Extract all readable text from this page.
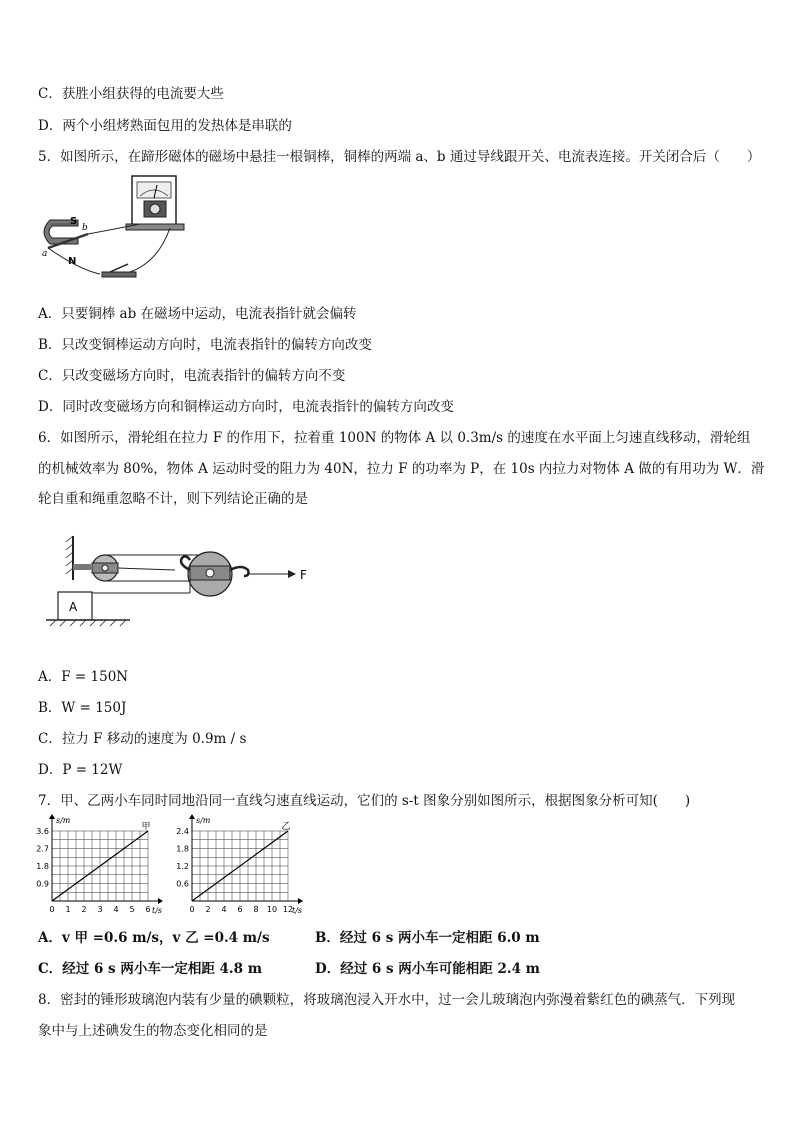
C．获胜小组获得的电流要大些
D．两个小组烤熟面包用的发热体是串联的
5．如图所示，在蹄形磁体的磁场中悬挂一根铜棒，铜棒的两端 a、b 通过导线跟开关、电流表连接。开关闭合后（　　）
S
b
a
N
A．只要铜棒 ab 在磁场中运动，电流表指针就会偏转
B．只改变铜棒运动方向时，电流表指针的偏转方向改变
C．只改变磁场方向时，电流表指针的偏转方向不变
D．同时改变磁场方向和铜棒运动方向时，电流表指针的偏转方向改变
6．如图所示，滑轮组在拉力 F 的作用下，拉着重 100N 的物体 A 以 0.3m/s 的速度在水平面上匀速直线移动，滑轮组
的机械效率为 80%，物体 A 运动时受的阻力为 40N，拉力 F 的功率为 P，在 10s 内拉力对物体 A 做的有用功为 W．滑
轮自重和绳重忽略不计，则下列结论正确的是
F
A
A．F = 150N
B．W = 150J
C．拉力 F 移动的速度为 0.9m / s
D．P = 12W
7．甲、乙两小车同时同地沿同一直线匀速直线运动，它们的 s-t 图象分别如图所示，根据图象分析可知(　　)
0 1 2 3 4 5 6
0.9
1.8
2.7
3.6
s/m
t/s
甲
0 2 4 6 8 10 12
0.6
1.2
1.8
2.4
s/m
t/s
乙
A．v 甲 =0.6 m/s，v 乙 =0.4 m/s	B．经过 6 s 两小车一定相距 6.0 m
C．经过 6 s 两小车一定相距 4.8 m	D．经过 6 s 两小车可能相距 2.4 m
8．密封的锤形玻璃泡内装有少量的碘颗粒，将玻璃泡浸入开水中，过一会儿玻璃泡内弥漫着紫红色的碘蒸气．下列现
象中与上述碘发生的物态变化相同的是
